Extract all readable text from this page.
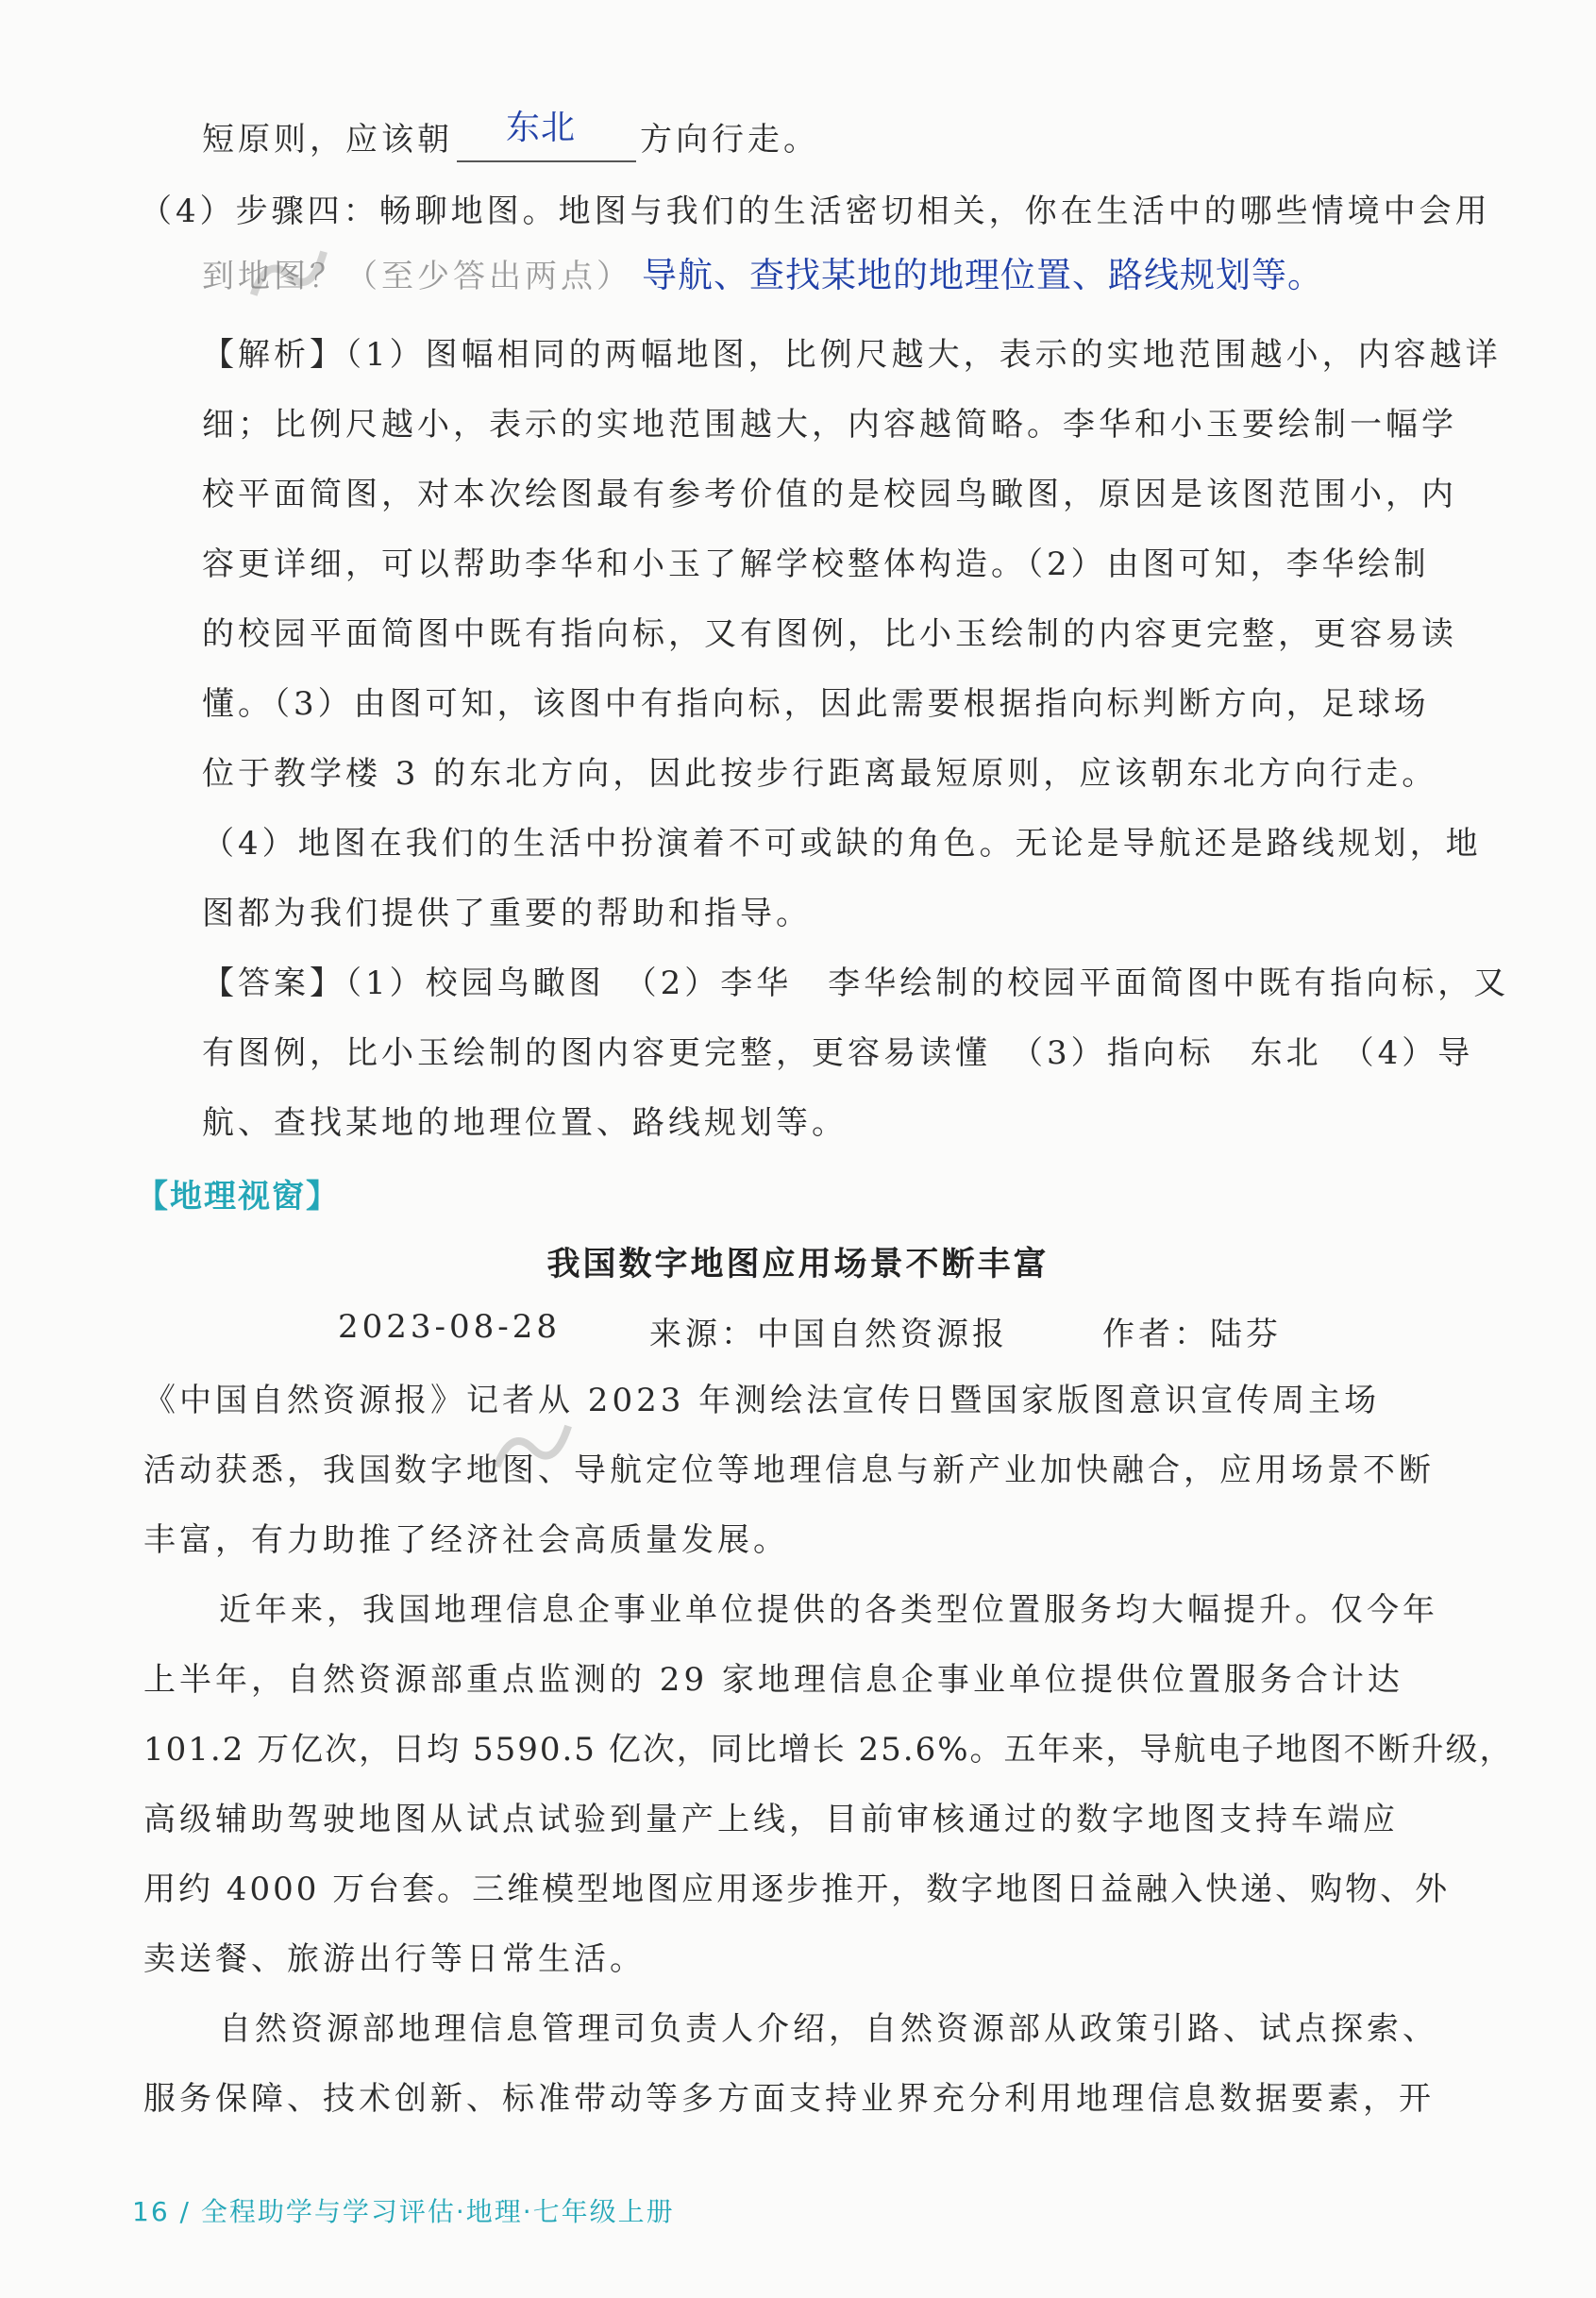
短原则，应该朝 东北 方向行走。
（4）步骤四：畅聊地图。地图与我们的生活密切相关，你在生活中的哪些情境中会用
到地图？（至少答出两点） 导航、查找某地的地理位置、路线规划等。
【解析】（1）图幅相同的两幅地图，比例尺越大，表示的实地范围越小，内容越详
细；比例尺越小，表示的实地范围越大，内容越简略。李华和小玉要绘制一幅学
校平面简图，对本次绘图最有参考价值的是校园鸟瞰图，原因是该图范围小，内
容更详细，可以帮助李华和小玉了解学校整体构造。（2）由图可知，李华绘制
的校园平面简图中既有指向标，又有图例，比小玉绘制的内容更完整，更容易读
懂。（3）由图可知，该图中有指向标，因此需要根据指向标判断方向，足球场
位于教学楼 3 的东北方向，因此按步行距离最短原则，应该朝东北方向行走。
（4）地图在我们的生活中扮演着不可或缺的角色。无论是导航还是路线规划，地
图都为我们提供了重要的帮助和指导。
【答案】（1）校园鸟瞰图　（2）李华　李华绘制的校园平面简图中既有指向标，又
有图例，比小玉绘制的图内容更完整，更容易读懂　（3）指向标　东北　（4）导
航、查找某地的地理位置、路线规划等。
【地理视窗】
我国数字地图应用场景不断丰富
2023-08-28	来源：中国自然资源报	作者：陆芬
《中国自然资源报》记者从 2023 年测绘法宣传日暨国家版图意识宣传周主场
活动获悉，我国数字地图、导航定位等地理信息与新产业加快融合，应用场景不断
丰富，有力助推了经济社会高质量发展。
近年来，我国地理信息企事业单位提供的各类型位置服务均大幅提升。仅今年
上半年，自然资源部重点监测的 29 家地理信息企事业单位提供位置服务合计达
101.2 万亿次，日均 5590.5 亿次，同比增长 25.6%。五年来，导航电子地图不断升级，
高级辅助驾驶地图从试点试验到量产上线，目前审核通过的数字地图支持车端应
用约 4000 万台套。三维模型地图应用逐步推开，数字地图日益融入快递、购物、外
卖送餐、旅游出行等日常生活。
自然资源部地理信息管理司负责人介绍，自然资源部从政策引路、试点探索、
服务保障、技术创新、标准带动等多方面支持业界充分利用地理信息数据要素，开
16 / 全程助学与学习评估·地理·七年级上册
